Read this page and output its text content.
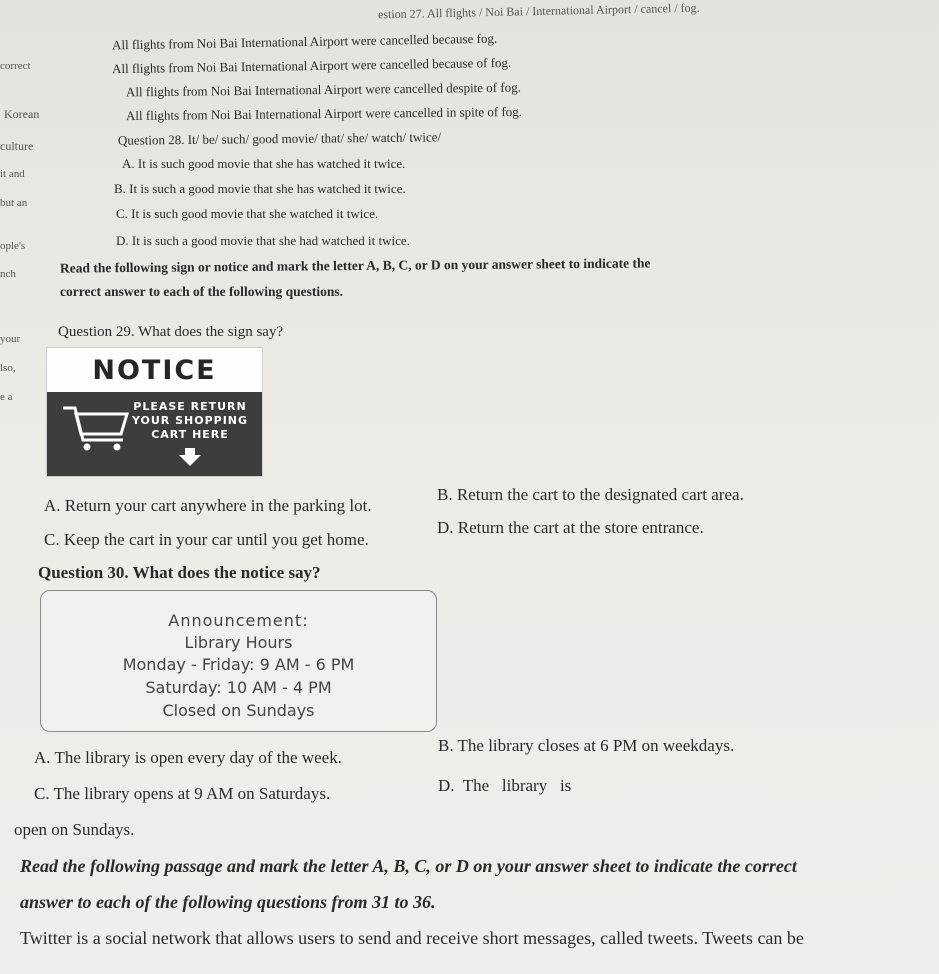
estion 27. All flights / Noi Bai / International Airport / cancel / fog.
All flights from Noi Bai International Airport were cancelled because fog.
All flights from Noi Bai International Airport were cancelled because of fog.
All flights from Noi Bai International Airport were cancelled despite of fog.
All flights from Noi Bai International Airport were cancelled in spite of fog.
correct
Korean
culture
it and
but an
ople's
nch
your
lso,
e a
Question 28. It/ be/ such/ good movie/ that/ she/ watch/ twice/
A. It is such good movie that she has watched it twice.
B. It is such a good movie that she has watched it twice.
C. It is such good movie that she watched it twice.
D. It is such a good movie that she had watched it twice.
Read the following sign or notice and mark the letter A, B, C, or D on your answer sheet to indicate the
correct answer to each of the following questions.
Question 29. What does the sign say?
NOTICE
PLEASE RETURN
YOUR SHOPPING
CART HERE
A. Return your cart anywhere in the parking lot.
B. Return the cart to the designated cart area.
C. Keep the cart in your car until you get home.
D. Return the cart at the store entrance.
Question 30. What does the notice say?
Announcement:
Library Hours
Monday - Friday: 9 AM - 6 PM
Saturday: 10 AM - 4 PM
Closed on Sundays
A. The library is open every day of the week.
B. The library closes at 6 PM on weekdays.
C. The library opens at 9 AM on Saturdays.	D.  The   library   is
open on Sundays.
Read the following passage and mark the letter A, B, C, or D on your answer sheet to indicate the correct
answer to each of the following questions from 31 to 36.
Twitter is a social network that allows users to send and receive short messages, called tweets. Tweets can be
